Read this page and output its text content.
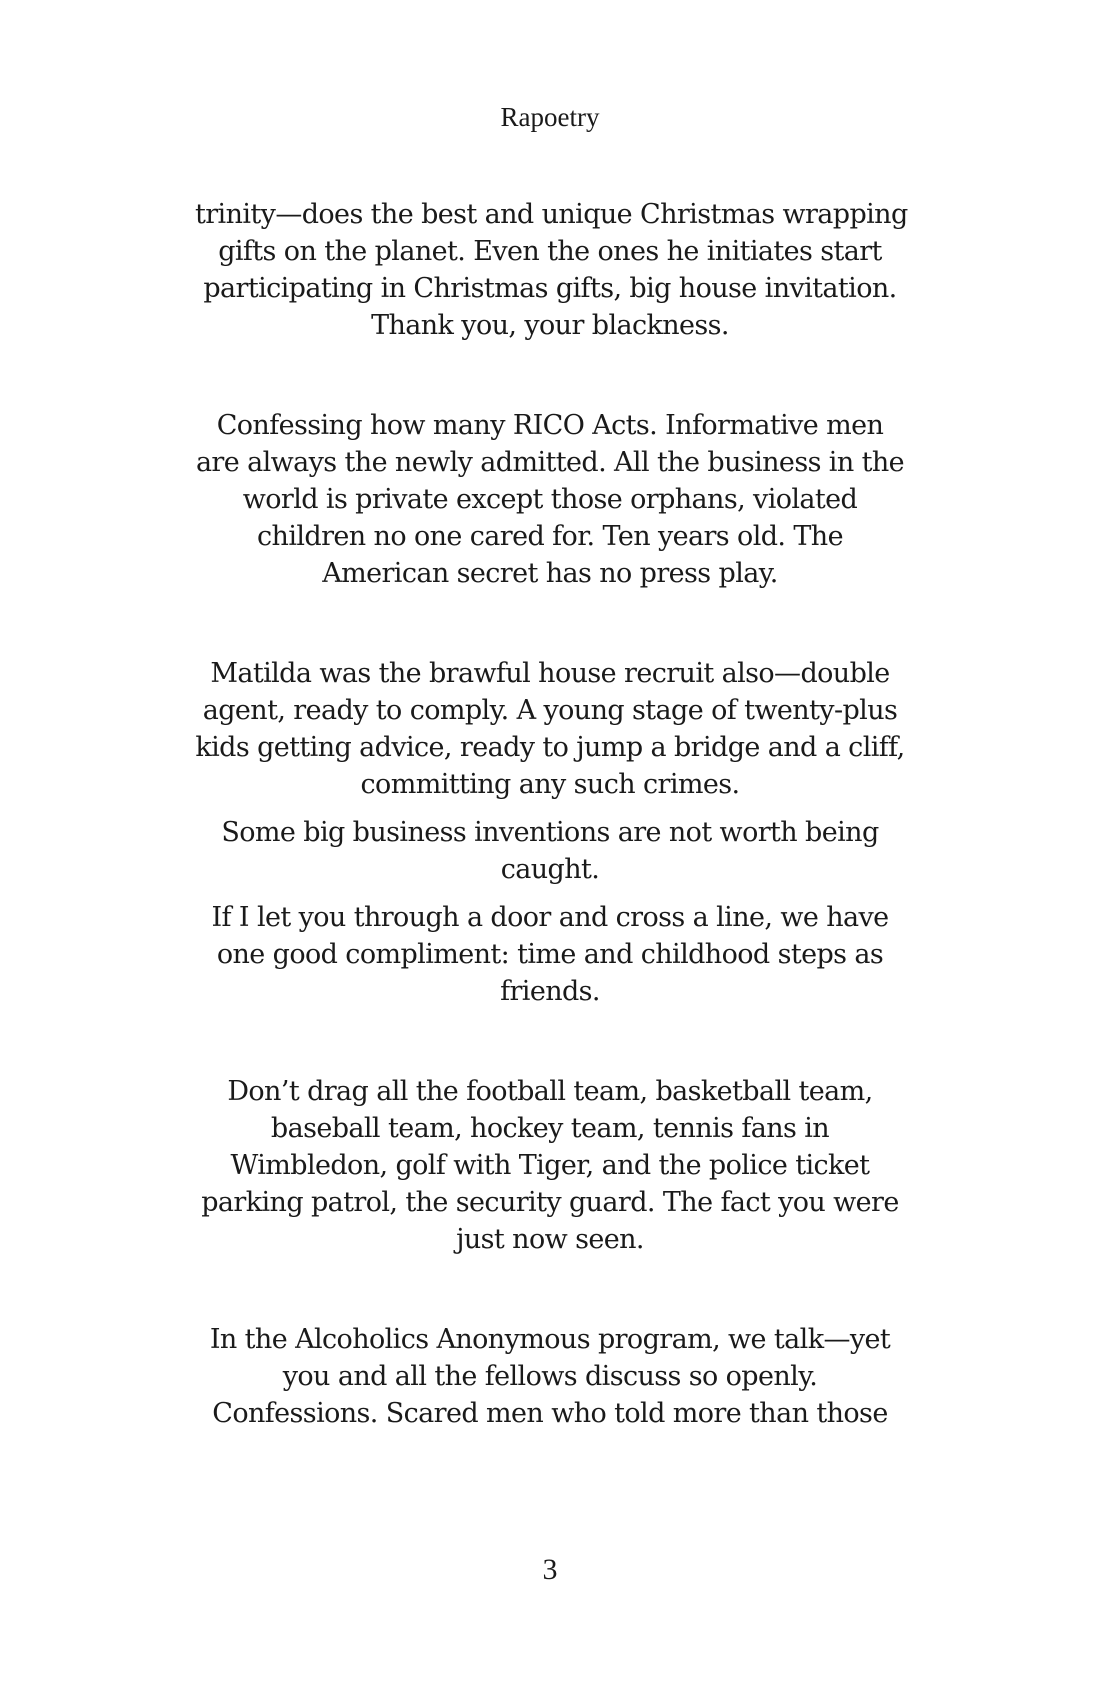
Rapoetry

trinity—does the best and unique Christmas wrapping
gifts on the planet. Even the ones he initiates start
participating in Christmas gifts, big house invitation.
Thank you, your blackness.

Confessing how many RICO Acts. Informative men
are always the newly admitted. All the business in the
world is private except those orphans, violated
children no one cared for. Ten years old. The
American secret has no press play.

Matilda was the brawful house recruit also—double
agent, ready to comply. A young stage of twenty-plus
kids getting advice, ready to jump a bridge and a cliff,
committing any such crimes.

Some big business inventions are not worth being
caught.

If I let you through a door and cross a line, we have
one good compliment: time and childhood steps as
friends.

Don’t drag all the football team, basketball team,
baseball team, hockey team, tennis fans in
Wimbledon, golf with Tiger, and the police ticket
parking patrol, the security guard. The fact you were
just now seen.

In the Alcoholics Anonymous program, we talk—yet
you and all the fellows discuss so openly.
Confessions. Scared men who told more than those

3
